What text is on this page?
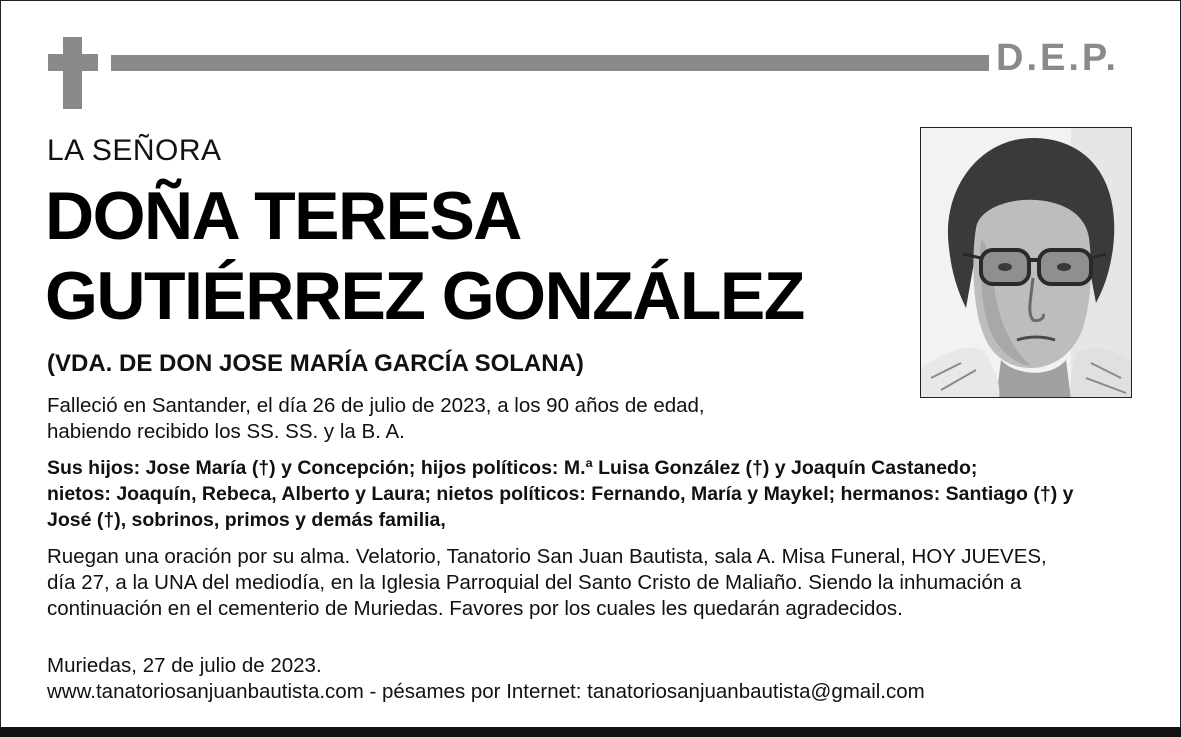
D.E.P.
LA SEÑORA
DOÑA TERESA
GUTIÉRREZ GONZÁLEZ
(VDA. DE DON JOSE MARÍA GARCÍA SOLANA)

Falleció en Santander, el día 26 de julio de 2023, a los 90 años de edad,
habiendo recibido los SS. SS. y la B. A.

Sus hijos: Jose María (†) y Concepción; hijos políticos: M.ª Luisa González (†) y Joaquín Castanedo;
nietos: Joaquín, Rebeca, Alberto y Laura; nietos políticos: Fernando, María y Maykel; hermanos: Santiago (†) y
José (†), sobrinos, primos y demás familia,

Ruegan una oración por su alma. Velatorio, Tanatorio San Juan Bautista, sala A. Misa Funeral, HOY JUEVES,
día 27, a la UNA del mediodía, en la Iglesia Parroquial del Santo Cristo de Maliaño. Siendo la inhumación a
continuación en el cementerio de Muriedas. Favores por los cuales les quedarán agradecidos.

Muriedas, 27 de julio de 2023.
www.tanatoriosanjuanbautista.com - pésames por Internet: tanatoriosanjuanbautista@gmail.com
